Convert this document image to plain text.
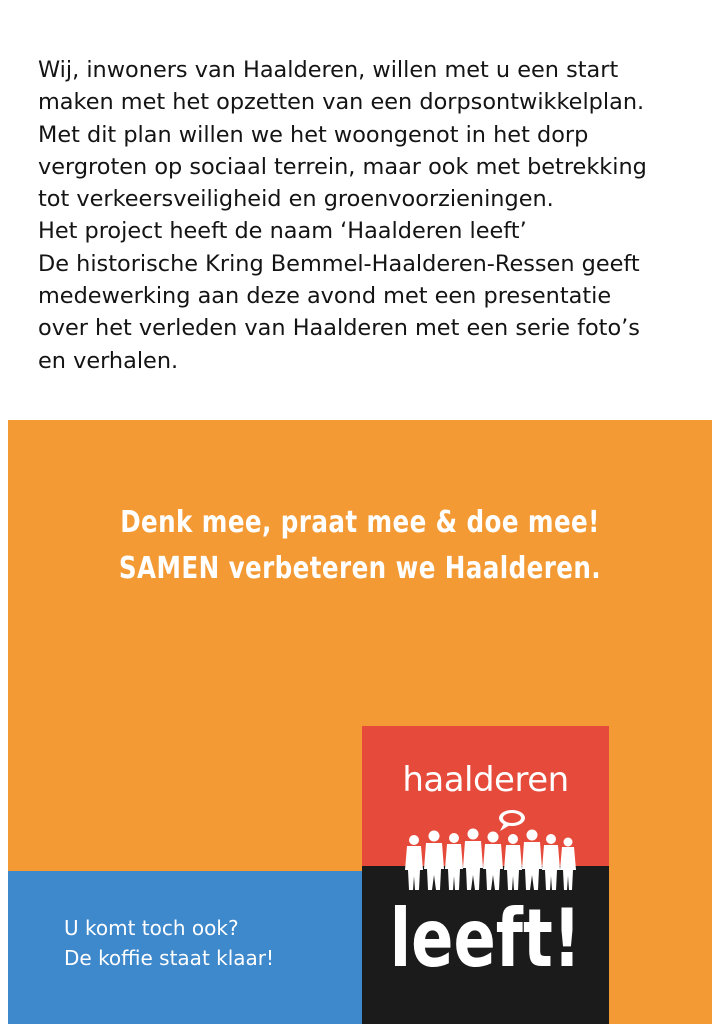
Wij, inwoners van Haalderen, willen met u een start

maken met het opzetten van een dorpsontwikkelplan.

Met dit plan willen we het woongenot in het dorp

vergroten op sociaal terrein, maar ook met betrekking

tot verkeersveiligheid en groenvoorzieningen.

Het project heeft de naam ‘Haalderen leeft’

De historische Kring Bemmel-Haalderen-Ressen geeft

medewerking aan deze avond met een presentatie

over het verleden van Haalderen met een serie foto’s

en verhalen.

Denk mee, praat mee & doe mee!
SAMEN verbeteren we Haalderen.
U komt toch ook?
De koffie staat klaar!
haalderen
leeft!
